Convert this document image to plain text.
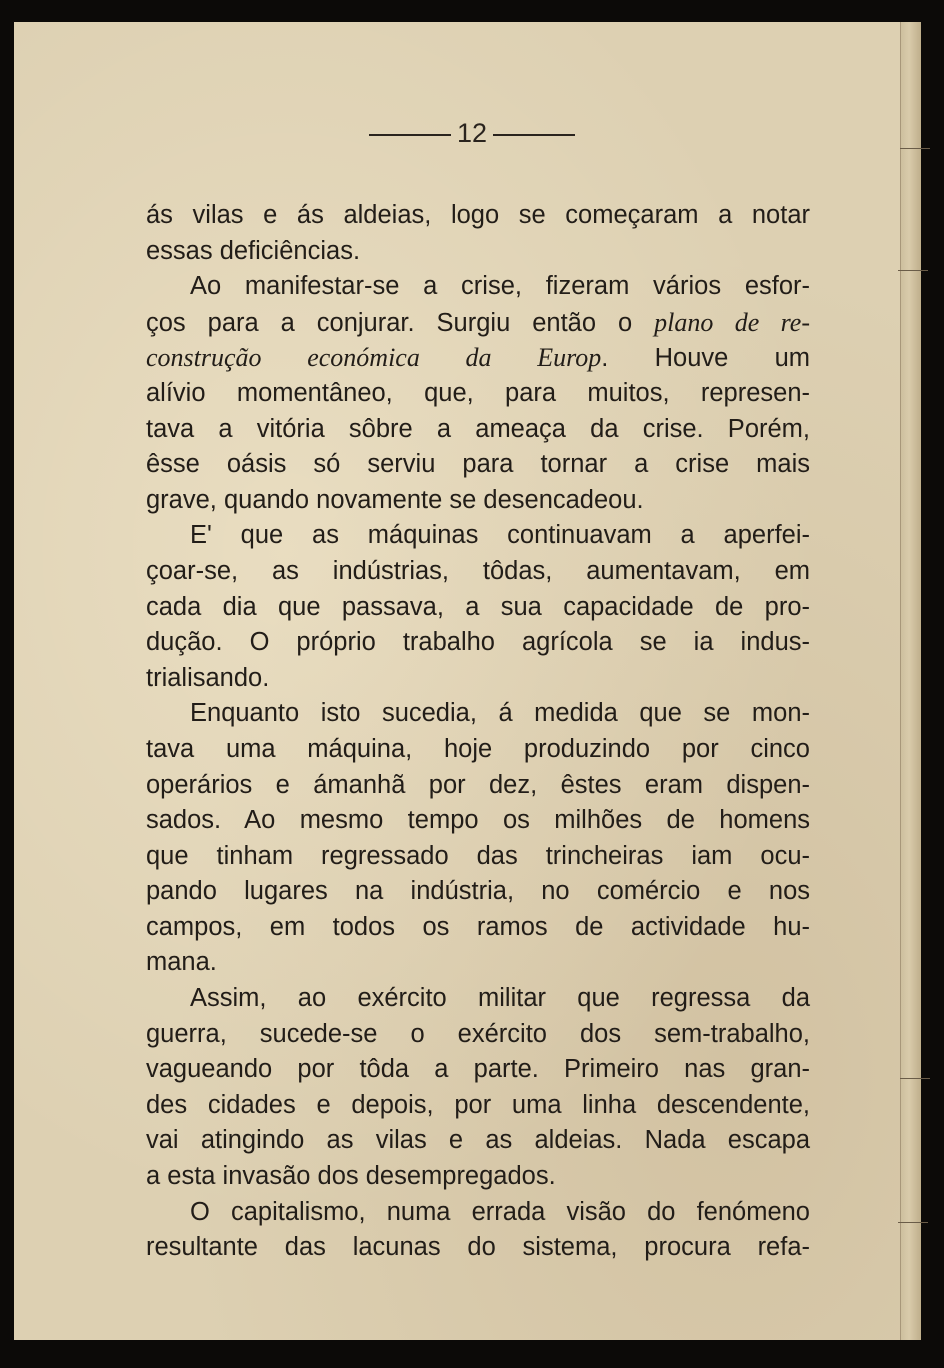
12
ás vilas e ás aldeias, logo se começaram a notar
essas deficiências.
Ao manifestar-se a crise, fizeram vários esfor-
ços para a conjurar. Surgiu então o plano de re-
construção económica da Europ. Houve um
alívio momentâneo, que, para muitos, represen-
tava a vitória sôbre a ameaça da crise. Porém,
êsse oásis só serviu para tornar a crise mais
grave, quando novamente se desencadeou.
E' que as máquinas continuavam a aperfei-
çoar-se, as indústrias, tôdas, aumentavam, em
cada dia que passava, a sua capacidade de pro-
dução. O próprio trabalho agrícola se ia indus-
trialisando.
Enquanto isto sucedia, á medida que se mon-
tava uma máquina, hoje produzindo por cinco
operários e ámanhã por dez, êstes eram dispen-
sados. Ao mesmo tempo os milhões de homens
que tinham regressado das trincheiras iam ocu-
pando lugares na indústria, no comércio e nos
campos, em todos os ramos de actividade hu-
mana.
Assim, ao exército militar que regressa da
guerra, sucede-se o exército dos sem-trabalho,
vagueando por tôda a parte. Primeiro nas gran-
des cidades e depois, por uma linha descendente,
vai atingindo as vilas e as aldeias. Nada escapa
a esta invasão dos desempregados.
O capitalismo, numa errada visão do fenómeno
resultante das lacunas do sistema, procura refa-
